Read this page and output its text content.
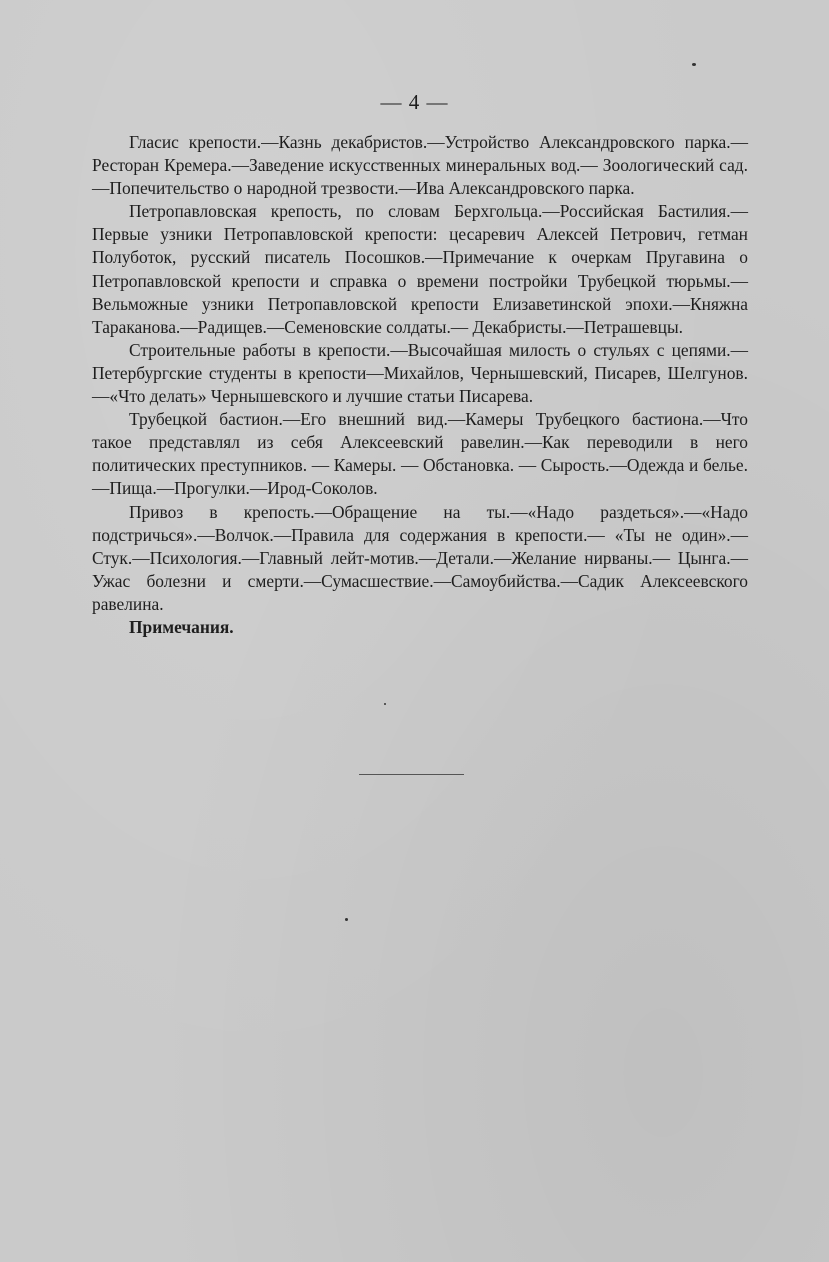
— 4 —

Гласис крепости.—Казнь декабристов.—Устройство Александровского парка.—Ресторан Кремера.—Заведение искусственных минеральных вод.— Зоологический сад.—Попечительство о народной трезвости.—Ива Александровского парка.

Петропавловская крепость, по словам Берхгольца.—Российская Бастилия.—Первые узники Петропавловской крепости: цесаревич Алексей Петрович, гетман Полуботок, русский писатель Посошков.—Примечание к очеркам Пругавина о Петропавловской крепости и справка о времени постройки Трубецкой тюрьмы.—Вельможные узники Петропавловской крепости Елизаветинской эпохи.—Княжна Тараканова.—Радищев.—Семеновские солдаты.— Декабристы.—Петрашевцы.

Строительные работы в крепости.—Высочайшая милость о стульях с цепями.—Петербургские студенты в крепости—Михайлов, Чернышевский, Писарев, Шелгунов.—«Что делать» Чернышевского и лучшие статьи Писарева.

Трубецкой бастион.—Его внешний вид.—Камеры Трубецкого бастиона.—Что такое представлял из себя Алексеевский равелин.—Как переводили в него политических преступников. — Камеры. — Обстановка. — Сырость.—Одежда и белье.—Пища.—Прогулки.—Ирод-Соколов.

Привоз в крепость.—Обращение на ты.—«Надо раздеться».—«Надо подстричься».—Волчок.—Правила для содержания в крепости.— «Ты не один».— Стук.—Психология.—Главный лейт-мотив.—Детали.—Желание нирваны.— Цынга.—Ужас болезни и смерти.—Сумасшествие.—Самоубийства.—Садик Алексеевского равелина.

Примечания.
